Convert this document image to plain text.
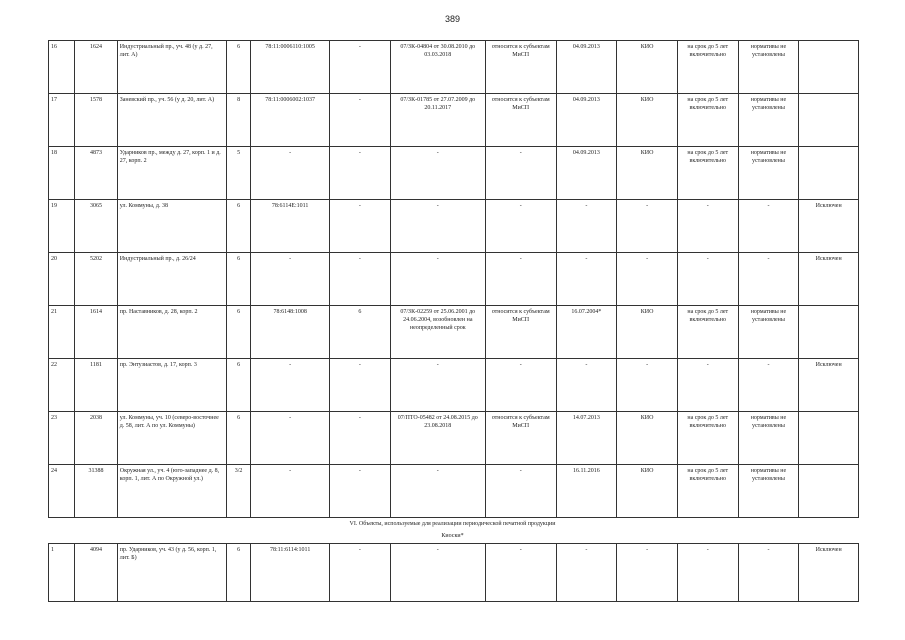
389
16	1624	Индустриальный пр., уч. 48 (у д. 27, лит. А)	6	78:11:0006110:1005	-	07/ЗК-04804 от 30.08.2010 до 03.03.2018	относится к субъектам МиСП	04.09.2013	КИО	на срок до 5 лет включительно	нормативы не установлены	
17	1578	Заневский пр., уч. 56 (у д. 20, лит. А)	8	78:11:0006002:1037	-	07/ЗК-01785 от 27.07.2009 до 20.11.2017	относится к субъектам МиСП	04.09.2013	КИО	на срок до 5 лет включительно	нормативы не установлены	
18	4873	Ударников пр., между д. 27, корп. 1 и д. 27, корп. 2	5	-	-	-	-	04.09.2013	КИО	на срок до 5 лет включительно	нормативы не установлены	
19	3065	ул. Коммуны, д. 38	6	78:6114Е:1011	-	-	-	-	-	-	-	Исключен
20	5202	Индустриальный пр., д. 26/24	6	-	-	-	-	-	-	-	-	Исключен
21	1614	пр. Наставников, д. 28, корп. 2	6	78:6148:1008	6	07/ЗК-02259 от 25.06.2001 до 24.06.2004, возобновлен на неопределенный срок	относится к субъектам МиСП	16.07.2004*	КИО	на срок до 5 лет включительно	нормативы не установлены	
22	1181	пр. Энтузиастов, д. 17, корп. 3	6	-	-	-	-	-	-	-	-	Исключен
23	2038	ул. Коммуны, уч. 10 (северо-восточнее д. 58, лит. А по ул. Коммуны)	6	-	-	07/ПТО-05482 от 24.08.2015 до 23.08.2018	относится к субъектам МиСП	14.07.2013	КИО	на срок до 5 лет включительно	нормативы не установлены	
24	31388	Окружная ул., уч. 4 (юго-западнее д. 8, корп. 1, лит. А по Окружной ул.)	3/2	-	-	-	-	16.11.2016	КИО	на срок до 5 лет включительно	нормативы не установлены	
VI. Объекты, используемые для реализации периодической печатной продукции
Киоски*
1	4094	пр. Ударников, уч. 43 (у д. 56, корп. 1, лит. Б)	6	78:11:6114:1011	-	-	-	-	-	-	-	Исключен
